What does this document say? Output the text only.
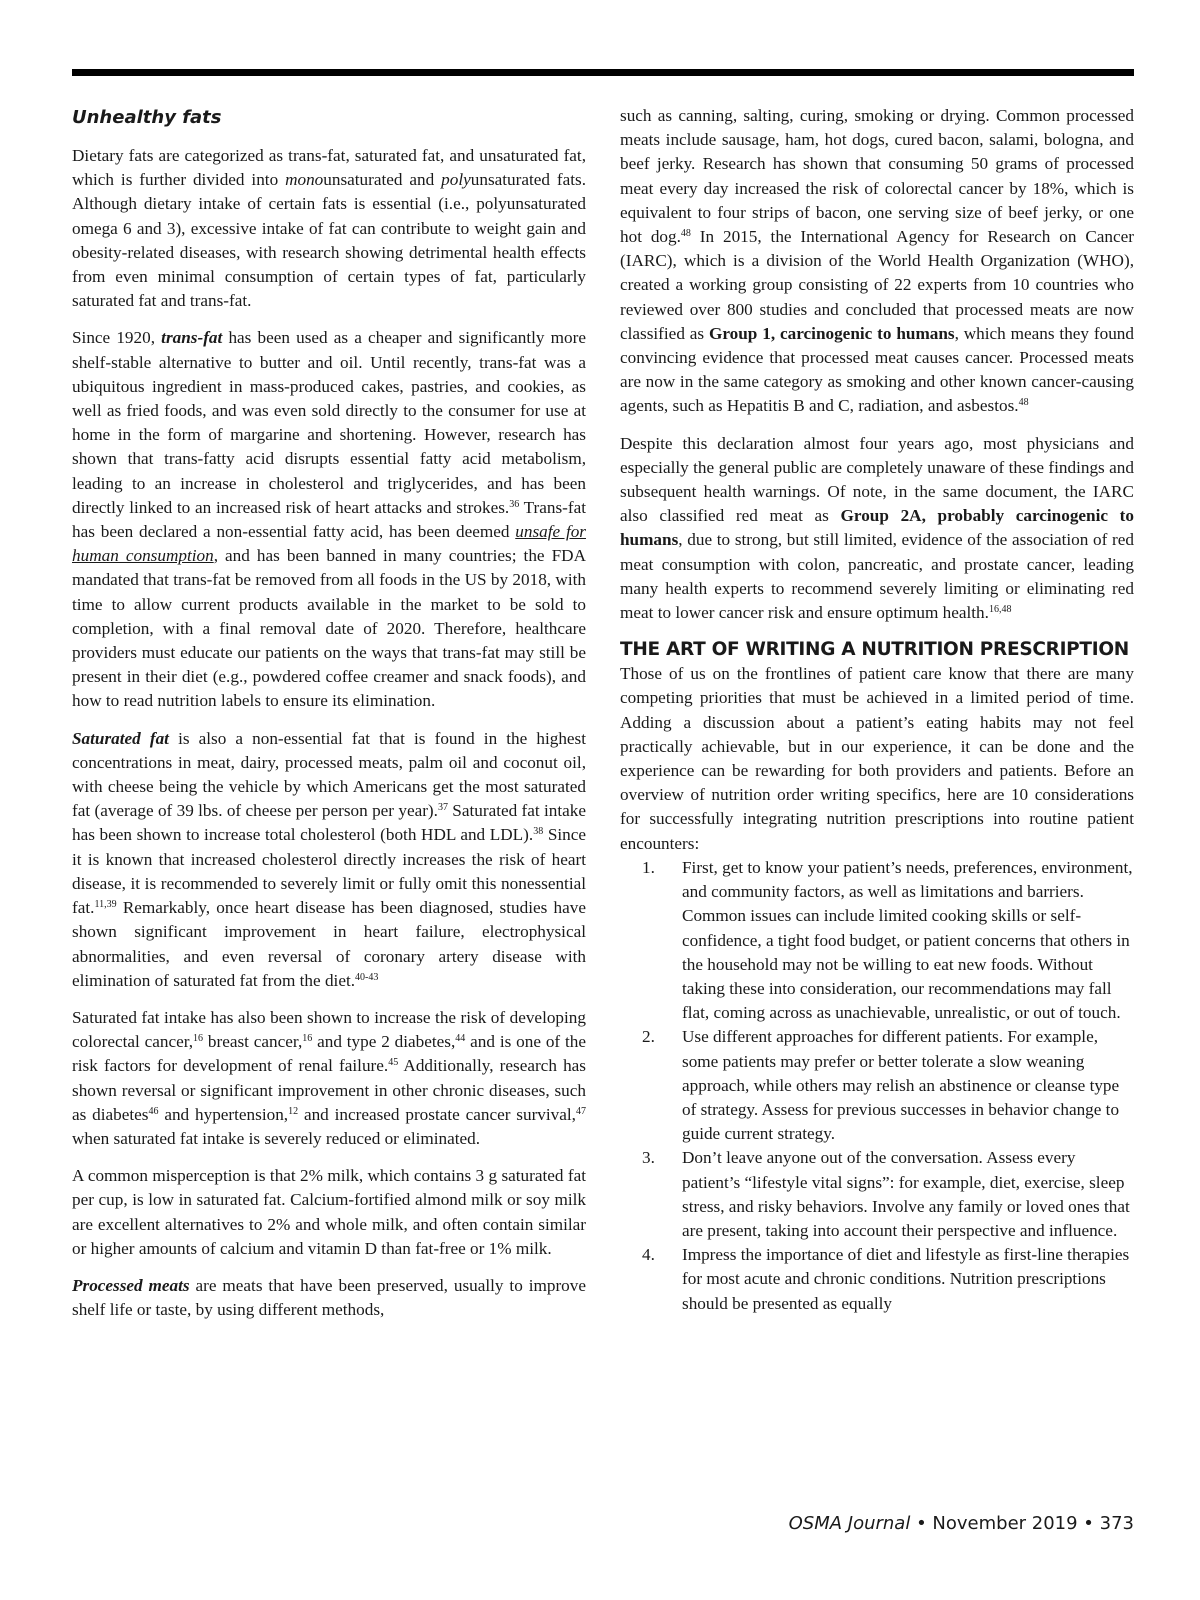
Unhealthy fats

Dietary fats are categorized as trans-fat, saturated fat, and unsaturated fat, which is further divided into monounsaturated and polyunsaturated fats. Although dietary intake of certain fats is essential (i.e., polyunsaturated omega 6 and 3), excessive intake of fat can contribute to weight gain and obesity-related diseases, with research showing detrimental health effects from even minimal consumption of certain types of fat, particularly saturated fat and trans-fat.

Since 1920, trans-fat has been used as a cheaper and significantly more shelf-stable alternative to butter and oil. Until recently, trans-fat was a ubiquitous ingredient in mass-produced cakes, pastries, and cookies, as well as fried foods, and was even sold directly to the consumer for use at home in the form of margarine and shortening. However, research has shown that trans-fatty acid disrupts essential fatty acid metabolism, leading to an increase in cholesterol and triglycerides, and has been directly linked to an increased risk of heart attacks and strokes.$^{36}$ Trans-fat has been declared a non-essential fatty acid, has been deemed unsafe for human consumption, and has been banned in many countries; the FDA mandated that trans-fat be removed from all foods in the US by 2018, with time to allow current products available in the market to be sold to completion, with a final removal date of 2020. Therefore, healthcare providers must educate our patients on the ways that trans-fat may still be present in their diet (e.g., powdered coffee creamer and snack foods), and how to read nutrition labels to ensure its elimination.

Saturated fat is also a non-essential fat that is found in the highest concentrations in meat, dairy, processed meats, palm oil and coconut oil, with cheese being the vehicle by which Americans get the most saturated fat (average of 39 lbs. of cheese per person per year).$^{37}$ Saturated fat intake has been shown to increase total cholesterol (both HDL and LDL).$^{38}$ Since it is known that increased cholesterol directly increases the risk of heart disease, it is recommended to severely limit or fully omit this nonessential fat.$^{11,39}$ Remarkably, once heart disease has been diagnosed, studies have shown significant improvement in heart failure, electrophysical abnormalities, and even reversal of coronary artery disease with elimination of saturated fat from the diet.$^{40-43}$

Saturated fat intake has also been shown to increase the risk of developing colorectal cancer,$^{16}$ breast cancer,$^{16}$ and type 2 diabetes,$^{44}$ and is one of the risk factors for development of renal failure.$^{45}$ Additionally, research has shown reversal or significant improvement in other chronic diseases, such as diabetes$^{46}$ and hypertension,$^{12}$ and increased prostate cancer survival,$^{47}$ when saturated fat intake is severely reduced or eliminated.

A common misperception is that 2% milk, which contains 3 g saturated fat per cup, is low in saturated fat. Calcium-fortified almond milk or soy milk are excellent alternatives to 2% and whole milk, and often contain similar or higher amounts of calcium and vitamin D than fat-free or 1% milk.

Processed meats are meats that have been preserved, usually to improve shelf life or taste, by using different methods,

such as canning, salting, curing, smoking or drying. Common processed meats include sausage, ham, hot dogs, cured bacon, salami, bologna, and beef jerky. Research has shown that consuming 50 grams of processed meat every day increased the risk of colorectal cancer by 18%, which is equivalent to four strips of bacon, one serving size of beef jerky, or one hot dog.$^{48}$ In 2015, the International Agency for Research on Cancer (IARC), which is a division of the World Health Organization (WHO), created a working group consisting of 22 experts from 10 countries who reviewed over 800 studies and concluded that processed meats are now classified as Group 1, carcinogenic to humans, which means they found convincing evidence that processed meat causes cancer. Processed meats are now in the same category as smoking and other known cancer-causing agents, such as Hepatitis B and C, radiation, and asbestos.$^{48}$

Despite this declaration almost four years ago, most physicians and especially the general public are completely unaware of these findings and subsequent health warnings. Of note, in the same document, the IARC also classified red meat as Group 2A, probably carcinogenic to humans, due to strong, but still limited, evidence of the association of red meat consumption with colon, pancreatic, and prostate cancer, leading many health experts to recommend severely limiting or eliminating red meat to lower cancer risk and ensure optimum health.$^{16,48}$

THE ART OF WRITING A NUTRITION PRESCRIPTION

Those of us on the frontlines of patient care know that there are many competing priorities that must be achieved in a limited period of time. Adding a discussion about a patient’s eating habits may not feel practically achievable, but in our experience, it can be done and the experience can be rewarding for both providers and patients. Before an overview of nutrition order writing specifics, here are 10 considerations for successfully integrating nutrition prescriptions into routine patient encounters:

1. First, get to know your patient’s needs, preferences, environment, and community factors, as well as limitations and barriers. Common issues can include limited cooking skills or self-confidence, a tight food budget, or patient concerns that others in the household may not be willing to eat new foods. Without taking these into consideration, our recommendations may fall flat, coming across as unachievable, unrealistic, or out of touch.
2. Use different approaches for different patients. For example, some patients may prefer or better tolerate a slow weaning approach, while others may relish an abstinence or cleanse type of strategy. Assess for previous successes in behavior change to guide current strategy.
3. Don’t leave anyone out of the conversation. Assess every patient’s “lifestyle vital signs”: for example, diet, exercise, sleep stress, and risky behaviors. Involve any family or loved ones that are present, taking into account their perspective and influence.
4. Impress the importance of diet and lifestyle as first-line therapies for most acute and chronic conditions. Nutrition prescriptions should be presented as equally
OSMA Journal • November 2019 • 373
